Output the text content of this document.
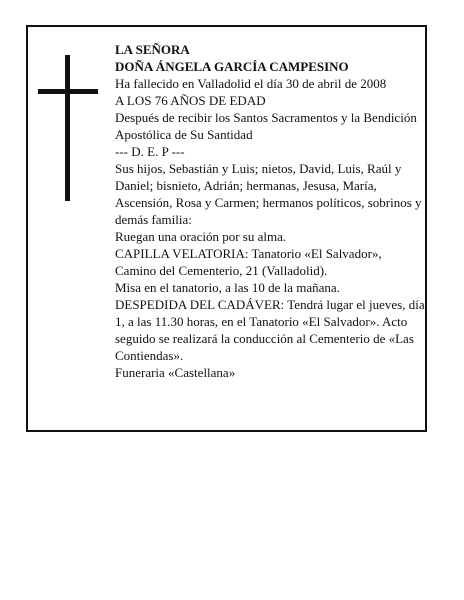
LA SEÑORA

DOÑA ÁNGELA GARCÍA CAMPESINO

Ha fallecido en Valladolid el día 30 de abril de 2008

A LOS 76 AÑOS DE EDAD

Después de recibir los Santos Sacramentos y la Bendición Apostólica de Su Santidad

--- D. E. P ---

Sus hijos, Sebastián y Luis; nietos, David, Luis, Raúl y Daniel; bisnieto, Adrián; hermanas, Jesusa, María, Ascensión, Rosa y Carmen; hermanos políticos, sobrinos y demás familia:

Ruegan una oración por su alma.

CAPILLA VELATORIA: Tanatorio «El Salvador», Camino del Cementerio, 21 (Valladolid).

Misa en el tanatorio, a las 10 de la mañana.

DESPEDIDA DEL CADÁVER: Tendrá lugar el jueves, día 1, a las 11.30 horas, en el Tanatorio «El Salvador». Acto seguido se realizará la conducción al Cementerio de «Las Contiendas».

Funeraria «Castellana»
